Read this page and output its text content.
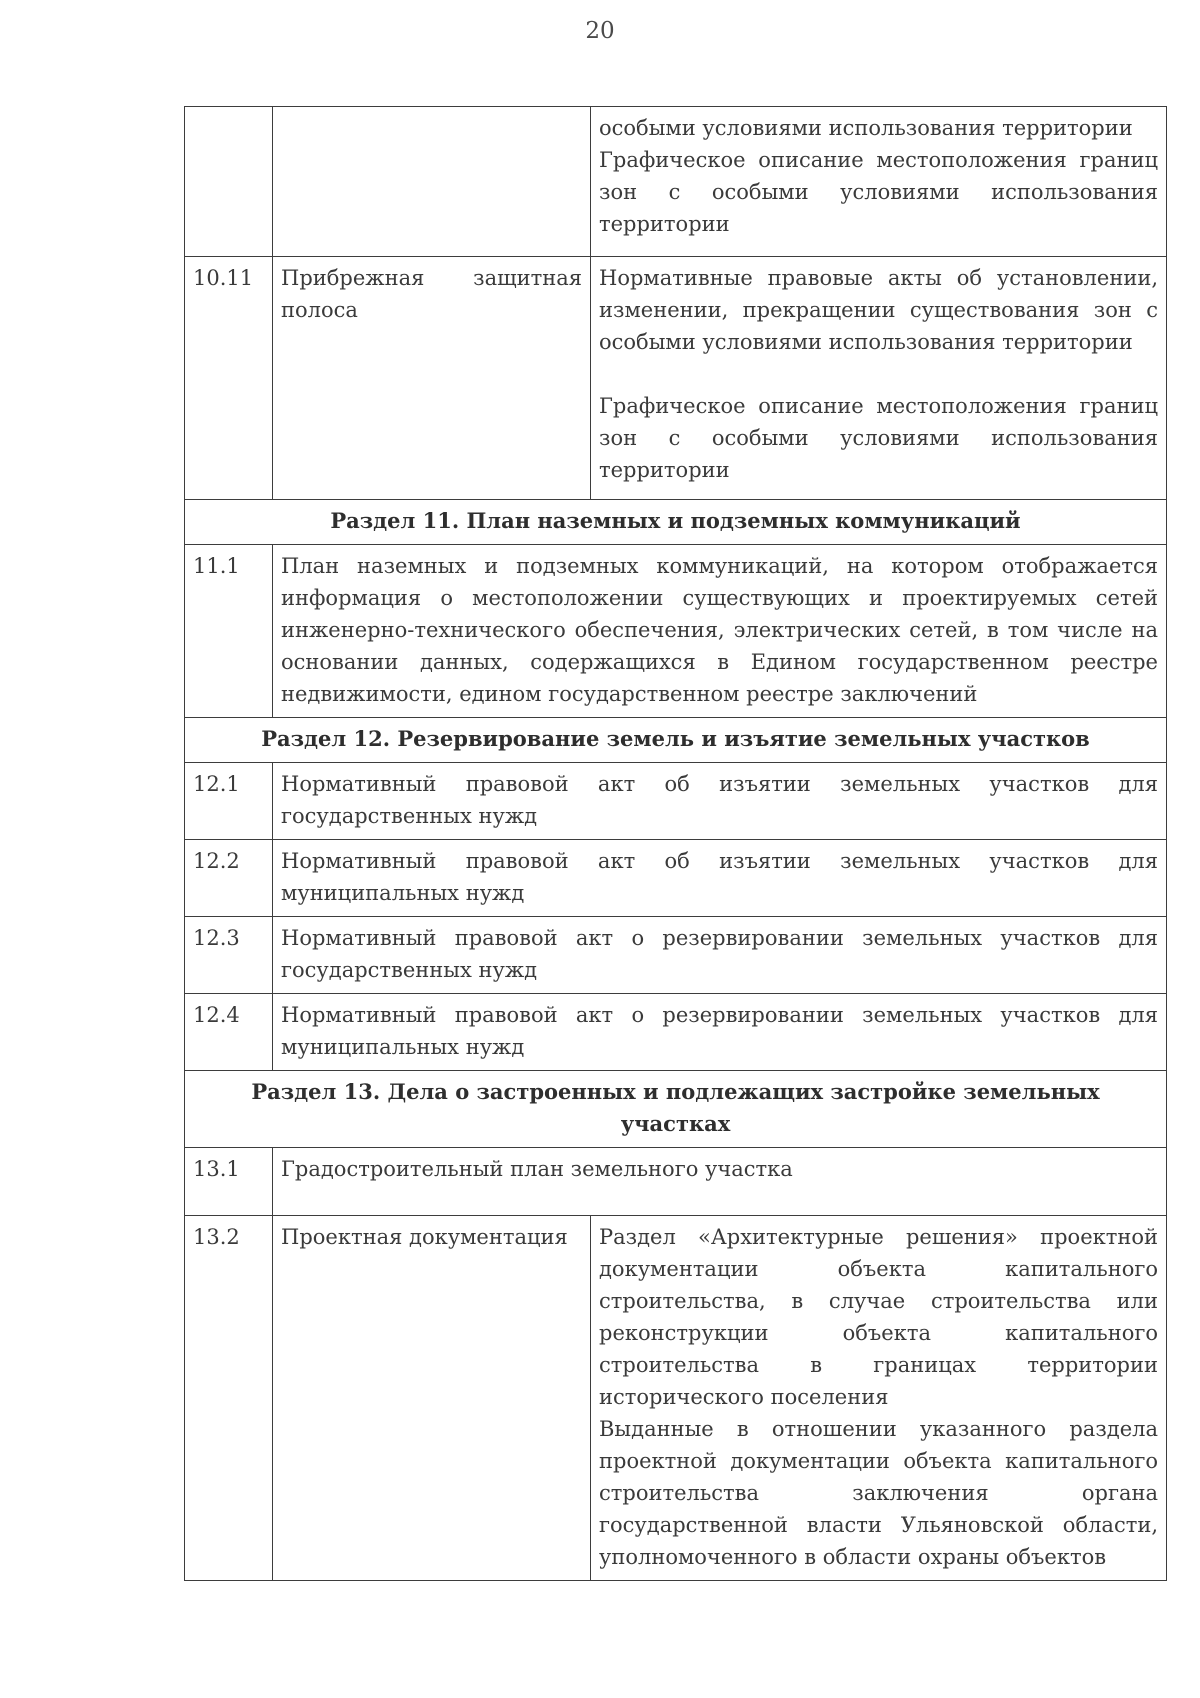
20

		особыми условиями использования территории
Графическое описание местоположения границ зон с особыми условиями использования территории

10.11	Прибрежная защитная полоса	Нормативные правовые акты об установлении, изменении, прекращении существования зон с особыми условиями использования территории
Графическое описание местоположения границ зон с особыми условиями использования территории

Раздел 11. План наземных и подземных коммуникаций		
11.1	План наземных и подземных коммуникаций, на котором отображается информация о местоположении существующих и проектируемых сетей инженерно-технического обеспечения, электрических сетей, в том числе на основании данных, содержащихся в Едином государственном реестре недвижимости, едином государственном реестре заключений	
Раздел 12. Резервирование земель и изъятие земельных участков		
12.1	Нормативный правовой акт об изъятии земельных участков для государственных нужд	
12.2	Нормативный правовой акт об изъятии земельных участков для муниципальных нужд	
12.3	Нормативный правовой акт о резервировании земельных участков для государственных нужд	
12.4	Нормативный правовой акт о резервировании земельных участков для муниципальных нужд	
Раздел 13. Дела о застроенных и подлежащих застройке земельных участках		
13.1	Градостроительный план земельного участка	
13.2	Проектная документация	Раздел «Архитектурные решения» проектной документации объекта капитального строительства, в случае строительства или реконструкции объекта капитального строительства в границах территории исторического поселения
Выданные в отношении указанного раздела проектной документации объекта капитального строительства заключения органа государственной власти Ульяновской области, уполномоченного в области охраны объектов
